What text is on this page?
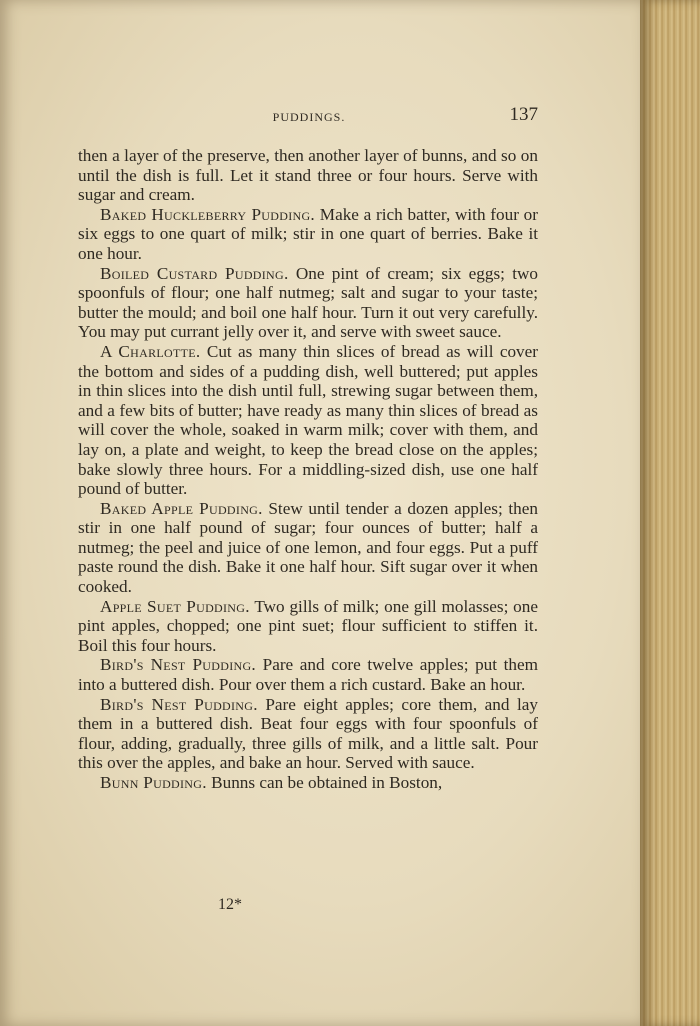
PUDDINGS.	137

then a layer of the preserve, then another layer of bunns, and so on until the dish is full. Let it stand three or four hours. Serve with sugar and cream.

Baked Huckleberry Pudding. Make a rich batter, with four or six eggs to one quart of milk; stir in one quart of berries. Bake it one hour.

Boiled Custard Pudding. One pint of cream; six eggs; two spoonfuls of flour; one half nutmeg; salt and sugar to your taste; butter the mould; and boil one half hour. Turn it out very carefully. You may put currant jelly over it, and serve with sweet sauce.

A Charlotte. Cut as many thin slices of bread as will cover the bottom and sides of a pudding dish, well buttered; put apples in thin slices into the dish until full, strewing sugar between them, and a few bits of butter; have ready as many thin slices of bread as will cover the whole, soaked in warm milk; cover with them, and lay on, a plate and weight, to keep the bread close on the apples; bake slowly three hours. For a middling-sized dish, use one half pound of butter.

Baked Apple Pudding. Stew until tender a dozen apples; then stir in one half pound of sugar; four ounces of butter; half a nutmeg; the peel and juice of one lemon, and four eggs. Put a puff paste round the dish. Bake it one half hour. Sift sugar over it when cooked.

Apple Suet Pudding. Two gills of milk; one gill molasses; one pint apples, chopped; one pint suet; flour sufficient to stiffen it. Boil this four hours.

Bird's Nest Pudding. Pare and core twelve apples; put them into a buttered dish. Pour over them a rich custard. Bake an hour.

Bird's Nest Pudding. Pare eight apples; core them, and lay them in a buttered dish. Beat four eggs with four spoonfuls of flour, adding, gradually, three gills of milk, and a little salt. Pour this over the apples, and bake an hour. Served with sauce.

Bunn Pudding. Bunns can be obtained in Boston,

12*
